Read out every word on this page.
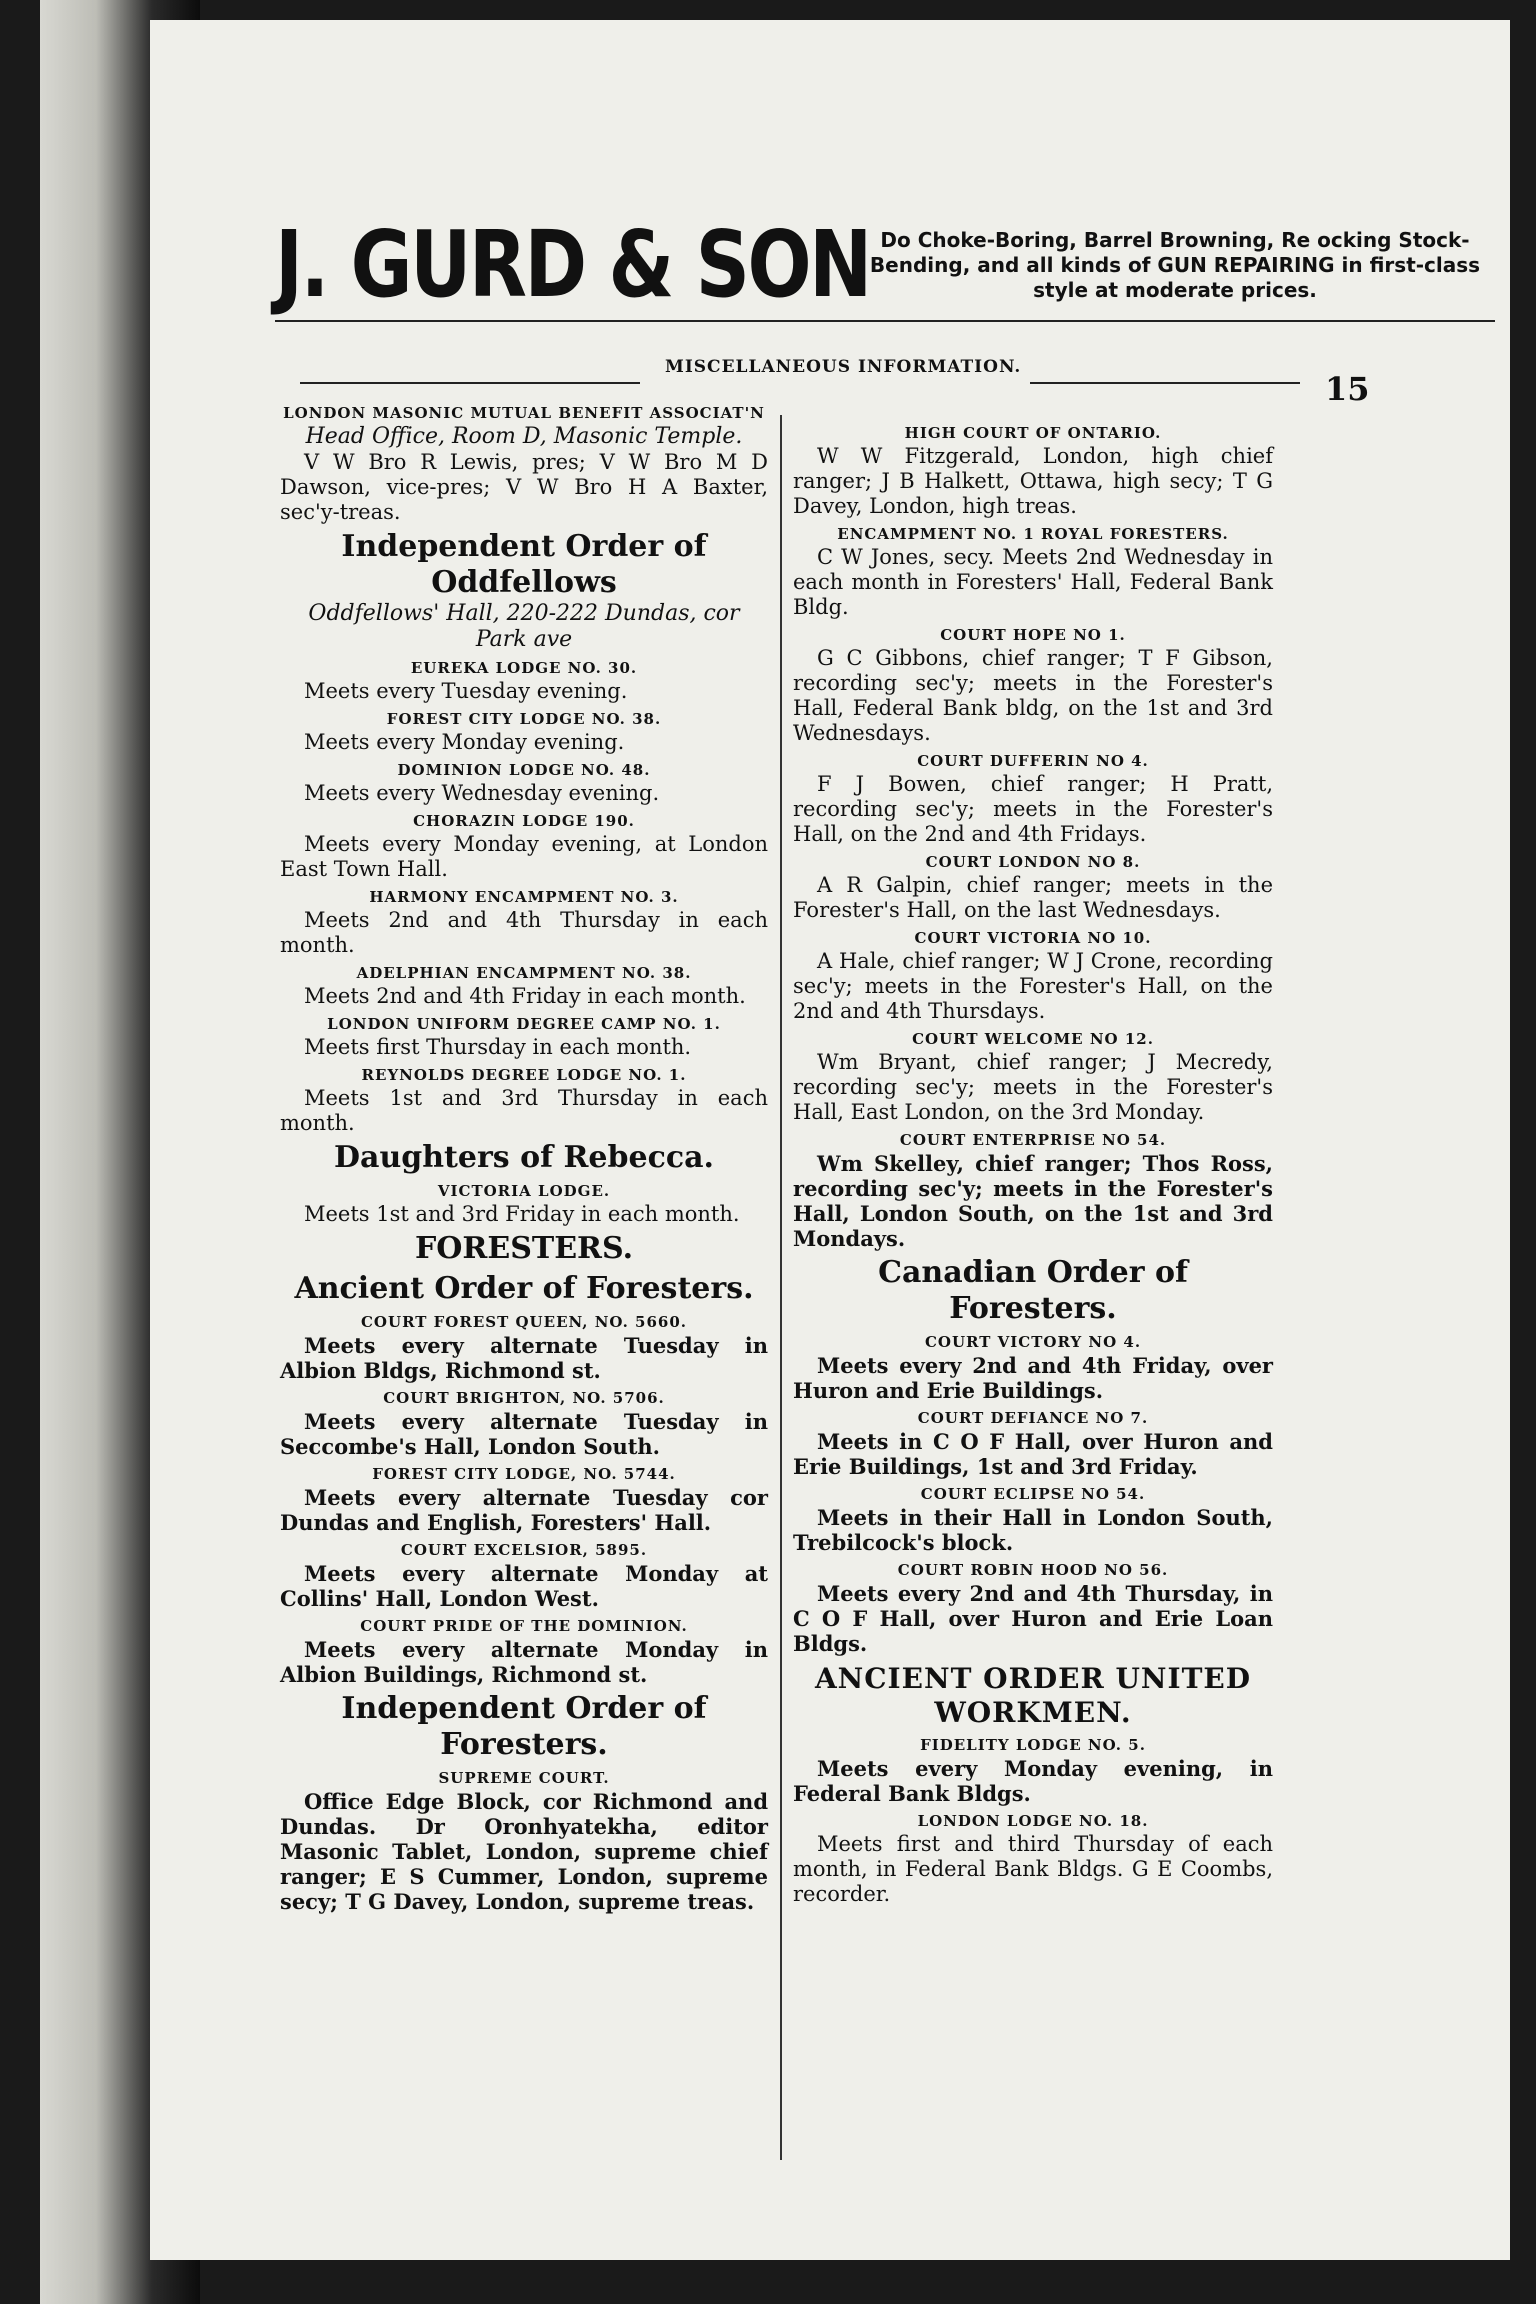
J. GURD & SON Do Choke-Boring, Barrel Browning, Re ocking Stock-Bending, and all kinds of GUN REPAIRING in first-class style at moderate prices.
MISCELLANEOUS INFORMATION.
15

LONDON MASONIC MUTUAL BENEFIT ASSOCIAT'N

Head Office, Room D, Masonic Temple.

V W Bro R Lewis, pres; V W Bro M D Dawson, vice-pres; V W Bro H A Baxter, sec'y-treas.

Independent Order of Oddfellows

Oddfellows' Hall, 220-222 Dundas, cor Park ave

EUREKA LODGE NO. 30.

Meets every Tuesday evening.

FOREST CITY LODGE NO. 38.

Meets every Monday evening.

DOMINION LODGE NO. 48.

Meets every Wednesday evening.

CHORAZIN LODGE 190.

Meets every Monday evening, at London East Town Hall.

HARMONY ENCAMPMENT NO. 3.

Meets 2nd and 4th Thursday in each month.

ADELPHIAN ENCAMPMENT NO. 38.

Meets 2nd and 4th Friday in each month.

LONDON UNIFORM DEGREE CAMP NO. 1.

Meets first Thursday in each month.

REYNOLDS DEGREE LODGE NO. 1.

Meets 1st and 3rd Thursday in each month.

Daughters of Rebecca.

VICTORIA LODGE.

Meets 1st and 3rd Friday in each month.

FORESTERS.

Ancient Order of Foresters.

COURT FOREST QUEEN, NO. 5660.

Meets every alternate Tuesday in Albion Bldgs, Richmond st.

COURT BRIGHTON, NO. 5706.

Meets every alternate Tuesday in Seccombe's Hall, London South.

FOREST CITY LODGE, NO. 5744.

Meets every alternate Tuesday cor Dundas and English, Foresters' Hall.

COURT EXCELSIOR, 5895.

Meets every alternate Monday at Collins' Hall, London West.

COURT PRIDE OF THE DOMINION.

Meets every alternate Monday in Albion Buildings, Richmond st.

Independent Order of Foresters.

SUPREME COURT.

Office Edge Block, cor Richmond and Dundas. Dr Oronhyatekha, editor Masonic Tablet, London, supreme chief ranger; E S Cummer, London, supreme secy; T G Davey, London, supreme treas.

HIGH COURT OF ONTARIO.

W W Fitzgerald, London, high chief ranger; J B Halkett, Ottawa, high secy; T G Davey, London, high treas.

ENCAMPMENT NO. 1 ROYAL FORESTERS.

C W Jones, secy. Meets 2nd Wednesday in each month in Foresters' Hall, Federal Bank Bldg.

COURT HOPE NO 1.

G C Gibbons, chief ranger; T F Gibson, recording sec'y; meets in the Forester's Hall, Federal Bank bldg, on the 1st and 3rd Wednesdays.

COURT DUFFERIN NO 4.

F J Bowen, chief ranger; H Pratt, recording sec'y; meets in the Forester's Hall, on the 2nd and 4th Fridays.

COURT LONDON NO 8.

A R Galpin, chief ranger; meets in the Forester's Hall, on the last Wednesdays.

COURT VICTORIA NO 10.

A Hale, chief ranger; W J Crone, recording sec'y; meets in the Forester's Hall, on the 2nd and 4th Thursdays.

COURT WELCOME NO 12.

Wm Bryant, chief ranger; J Mecredy, recording sec'y; meets in the Forester's Hall, East London, on the 3rd Monday.

COURT ENTERPRISE NO 54.

Wm Skelley, chief ranger; Thos Ross, recording sec'y; meets in the Forester's Hall, London South, on the 1st and 3rd Mondays.

Canadian Order of Foresters.

COURT VICTORY NO 4.

Meets every 2nd and 4th Friday, over Huron and Erie Buildings.

COURT DEFIANCE NO 7.

Meets in C O F Hall, over Huron and Erie Buildings, 1st and 3rd Friday.

COURT ECLIPSE NO 54.

Meets in their Hall in London South, Trebilcock's block.

COURT ROBIN HOOD NO 56.

Meets every 2nd and 4th Thursday, in C O F Hall, over Huron and Erie Loan Bldgs.

ANCIENT ORDER UNITED WORKMEN.

FIDELITY LODGE NO. 5.

Meets every Monday evening, in Federal Bank Bldgs.

LONDON LODGE NO. 18.

Meets first and third Thursday of each month, in Federal Bank Bldgs. G E Coombs, recorder.
